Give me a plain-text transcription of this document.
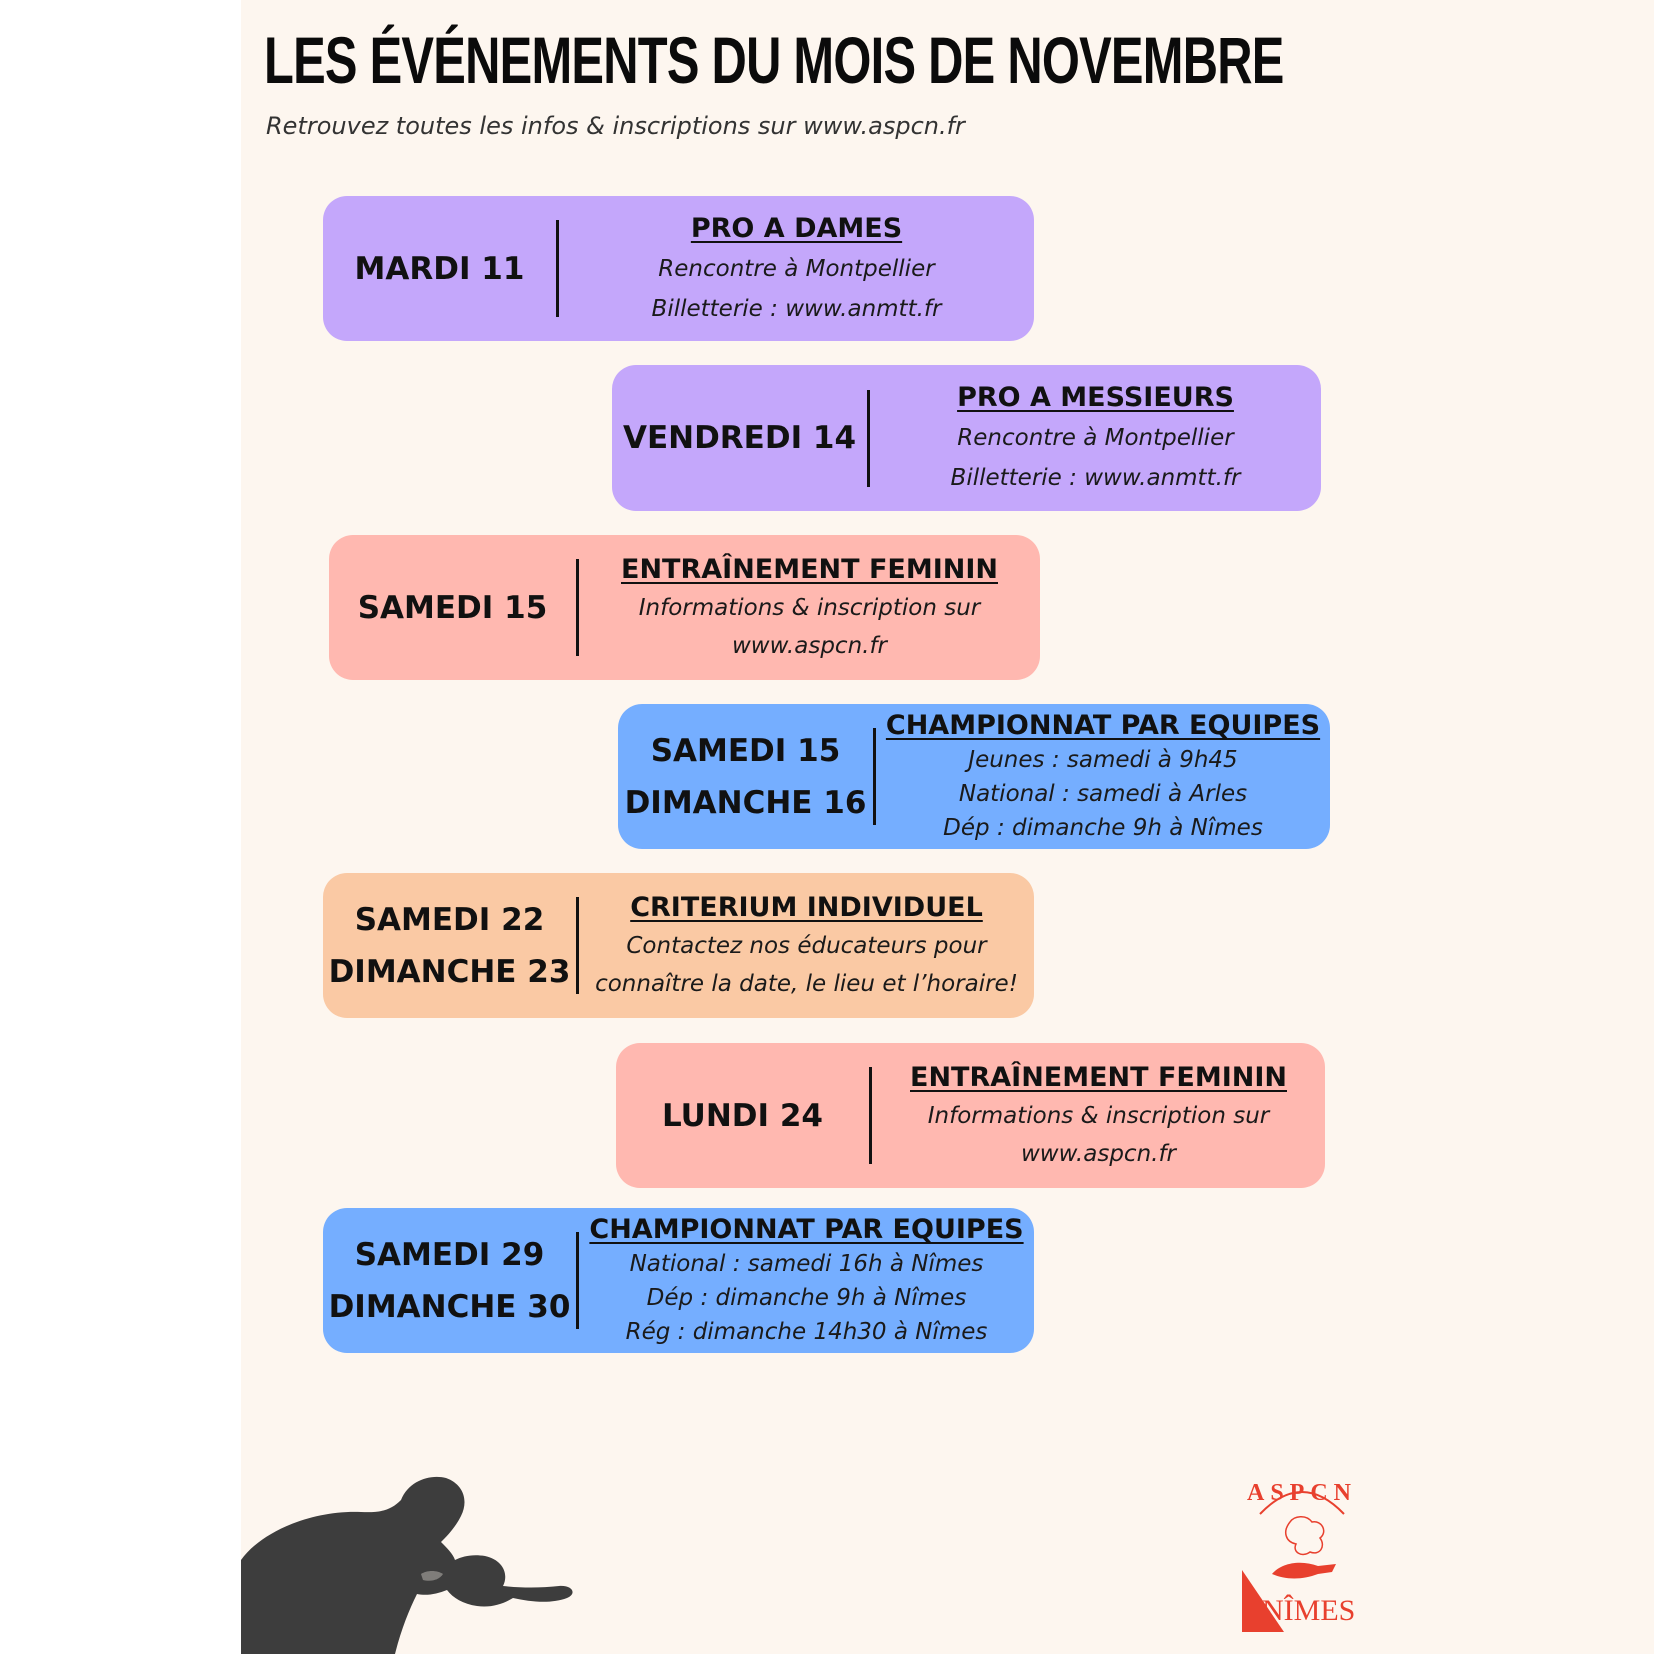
LES ÉVÉNEMENTS DU MOIS DE NOVEMBRE
Retrouvez toutes les infos & inscriptions sur www.aspcn.fr
MARDI 11
PRO A DAMES
Rencontre à Montpellier
Billetterie : www.anmtt.fr
VENDREDI 14
PRO A MESSIEURS
Rencontre à Montpellier
Billetterie : www.anmtt.fr
SAMEDI 15
ENTRAÎNEMENT FEMININ
Informations & inscription sur
www.aspcn.fr
SAMEDI 15
DIMANCHE 16
CHAMPIONNAT PAR EQUIPES
Jeunes : samedi à 9h45
National : samedi à Arles
Dép : dimanche 9h à Nîmes
SAMEDI 22
DIMANCHE 23
CRITERIUM INDIVIDUEL
Contactez nos éducateurs pour
connaître la date, le lieu et l’horaire!
LUNDI 24
ENTRAÎNEMENT FEMININ
Informations & inscription sur
www.aspcn.fr
SAMEDI 29
DIMANCHE 30
CHAMPIONNAT PAR EQUIPES
National : samedi 16h à Nîmes
Dép : dimanche 9h à Nîmes
Rég : dimanche 14h30 à Nîmes
ASPCN
NÎMES
